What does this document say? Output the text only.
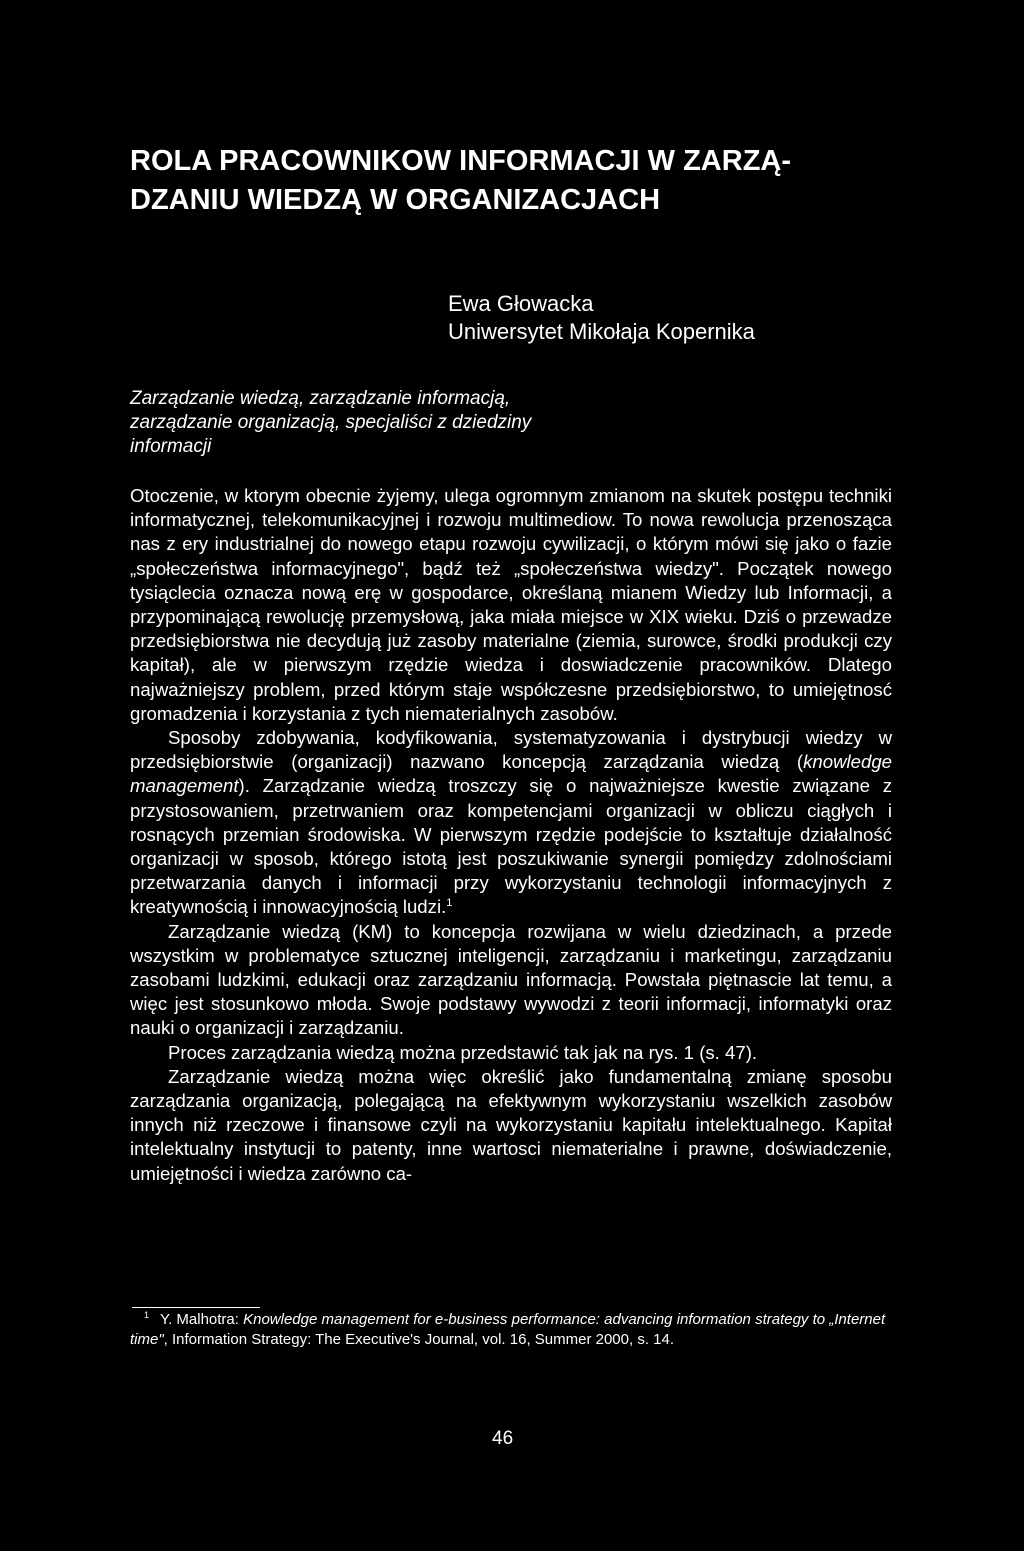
ROLA PRACOWNIKOW INFORMACJI W ZARZĄ-
DZANIU WIEDZĄ W ORGANIZACJACH
Ewa Głowacka
Uniwersytet Mikołaja Kopernika

Zarządzanie wiedzą, zarządzanie informacją,
zarządzanie organizacją, specjaliści z dziedziny
informacji

Otoczenie, w ktorym obecnie żyjemy, ulega ogromnym zmianom na skutek postępu techniki informatycznej, telekomunikacyjnej i rozwoju multimediow. To nowa rewolucja przenosząca nas z ery industrialnej do nowego etapu rozwoju cywilizacji, o którym mówi się jako o fazie „społeczeństwa informacyjnego", bądź też „społeczeństwa wiedzy". Początek nowego tysiąclecia oznacza nową erę w gospodarce, określaną mianem Wiedzy lub Informacji, a przypominającą rewolucję przemysłową, jaka miała miejsce w XIX wieku. Dziś o przewadze przedsiębiorstwa nie decydują już zasoby materialne (ziemia, surowce, środki produkcji czy kapitał), ale w pierwszym rzędzie wiedza i doswiadczenie pracowników. Dlatego najważniejszy problem, przed którym staje współczesne przedsiębiorstwo, to umiejętnosć gromadzenia i korzystania z tych niematerialnych zasobów.

Sposoby zdobywania, kodyfikowania, systematyzowania i dystrybucji wiedzy w przedsiębiorstwie (organizacji) nazwano koncepcją zarządzania wiedzą (knowledge management). Zarządzanie wiedzą troszczy się o najważniejsze kwestie związane z przystosowaniem, przetrwaniem oraz kompetencjami organizacji w obliczu ciągłych i rosnących przemian środowiska. W pierwszym rzędzie podejście to kształtuje działalność organizacji w sposob, którego istotą jest poszukiwanie synergii pomiędzy zdolnościami przetwarzania danych i informacji przy wykorzystaniu technologii informacyjnych z kreatywnością i innowacyjnością ludzi.$^1$

Zarządzanie wiedzą (KM) to koncepcja rozwijana w wielu dziedzinach, a przede wszystkim w problematyce sztucznej inteligencji, zarządzaniu i marketingu, zarządzaniu zasobami ludzkimi, edukacji oraz zarządzaniu informacją. Powstała piętnascie lat temu, a więc jest stosunkowo młoda. Swoje podstawy wywodzi z teorii informacji, informatyki oraz nauki o organizacji i zarządzaniu.

Proces zarządzania wiedzą można przedstawić tak jak na rys. 1 (s. 47).

Zarządzanie wiedzą można więc określić jako fundamentalną zmianę sposobu zarządzania organizacją, polegającą na efektywnym wykorzystaniu wszelkich zasobów innych niż rzeczowe i finansowe czyli na wykorzystaniu kapitału intelektualnego. Kapitał intelektualny instytucji to patenty, inne wartosci niematerialne i prawne, doświadczenie, umiejętności i wiedza zarówno ca-

$^1$ Y. Malhotra: Knowledge management for e-business performance: advancing information strategy to „Internet time", Information Strategy: The Executive's Journal, vol. 16, Summer 2000, s. 14.
46
